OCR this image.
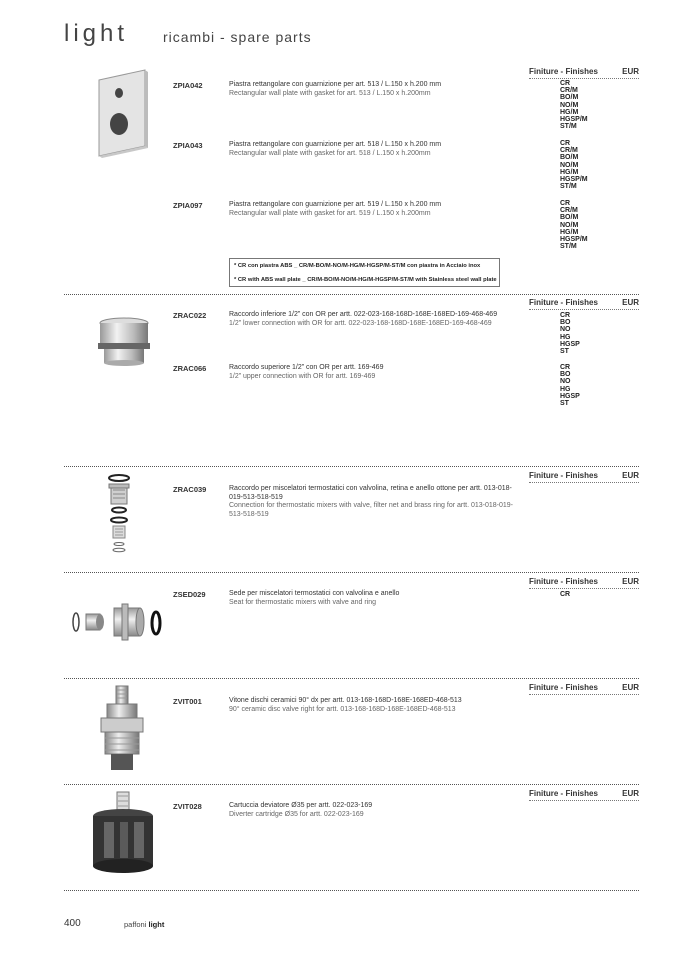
light ricambi - spare parts
Finiture - Finishes	EUR
ZPIA042	Piastra rettangolare con guarnizione per art. 513 / L.150 x h.200 mm
Rectangular wall plate with gasket for art. 513 / L.150 x h.200mm
CR
CR/M
BO/M
NO/M
HG/M
HGSP/M
ST/M
ZPIA043	Piastra rettangolare con guarnizione per art. 518 / L.150 x h.200 mm
Rectangular wall plate with gasket for art. 518 / L.150 x h.200mm
CR
CR/M
BO/M
NO/M
HG/M
HGSP/M
ST/M
ZPIA097	Piastra rettangolare con guarnizione per art. 519 / L.150 x h.200 mm
Rectangular wall plate with gasket for art. 519 / L.150 x h.200mm
CR
CR/M
BO/M
NO/M
HG/M
HGSP/M
ST/M
* CR con piastra ABS _ CR/M-BO/M-NO/M-HG/M-HGSP/M-ST/M con piastra in Acciaio inox
* CR with ABS wall plate _ CR/M-BO/M-NO/M-HG/M-HGSP/M-ST/M with Stainless steel wall plate
Finiture - Finishes	EUR
ZRAC022	Raccordo inferiore 1/2” con OR per artt. 022-023-168-168D-168E-168ED-169-468-469
1/2” lower connection with OR for artt. 022-023-168-168D-168E-168ED-169-468-469
CR
BO
NO
HG
HGSP
ST
ZRAC066	Raccordo superiore 1/2” con OR per artt. 169-469
1/2” upper connection with OR for artt. 169-469
CR
BO
NO
HG
HGSP
ST
Finiture - Finishes	EUR
ZRAC039	Raccordo per miscelatori termostatici con valvolina, retina e anello ottone per artt. 013-018-019-513-518-519
Connection for thermostatic mixers with valve, filter net and brass ring for artt. 013-018-019-513-518-519
Finiture - Finishes	EUR
ZSED029	Sede per miscelatori termostatici con valvolina e anello
Seat for thermostatic mixers with valve and ring
CR
Finiture - Finishes	EUR
ZVIT001	Vitone dischi ceramici 90° dx per artt. 013-168-168D-168E-168ED-468-513
90° ceramic disc valve right for artt. 013-168-168D-168E-168ED-468-513
Finiture - Finishes	EUR
ZVIT028	Cartuccia deviatore Ø35 per artt. 022-023-169
Diverter cartridge Ø35 for artt. 022-023-169
400	paffoni light
